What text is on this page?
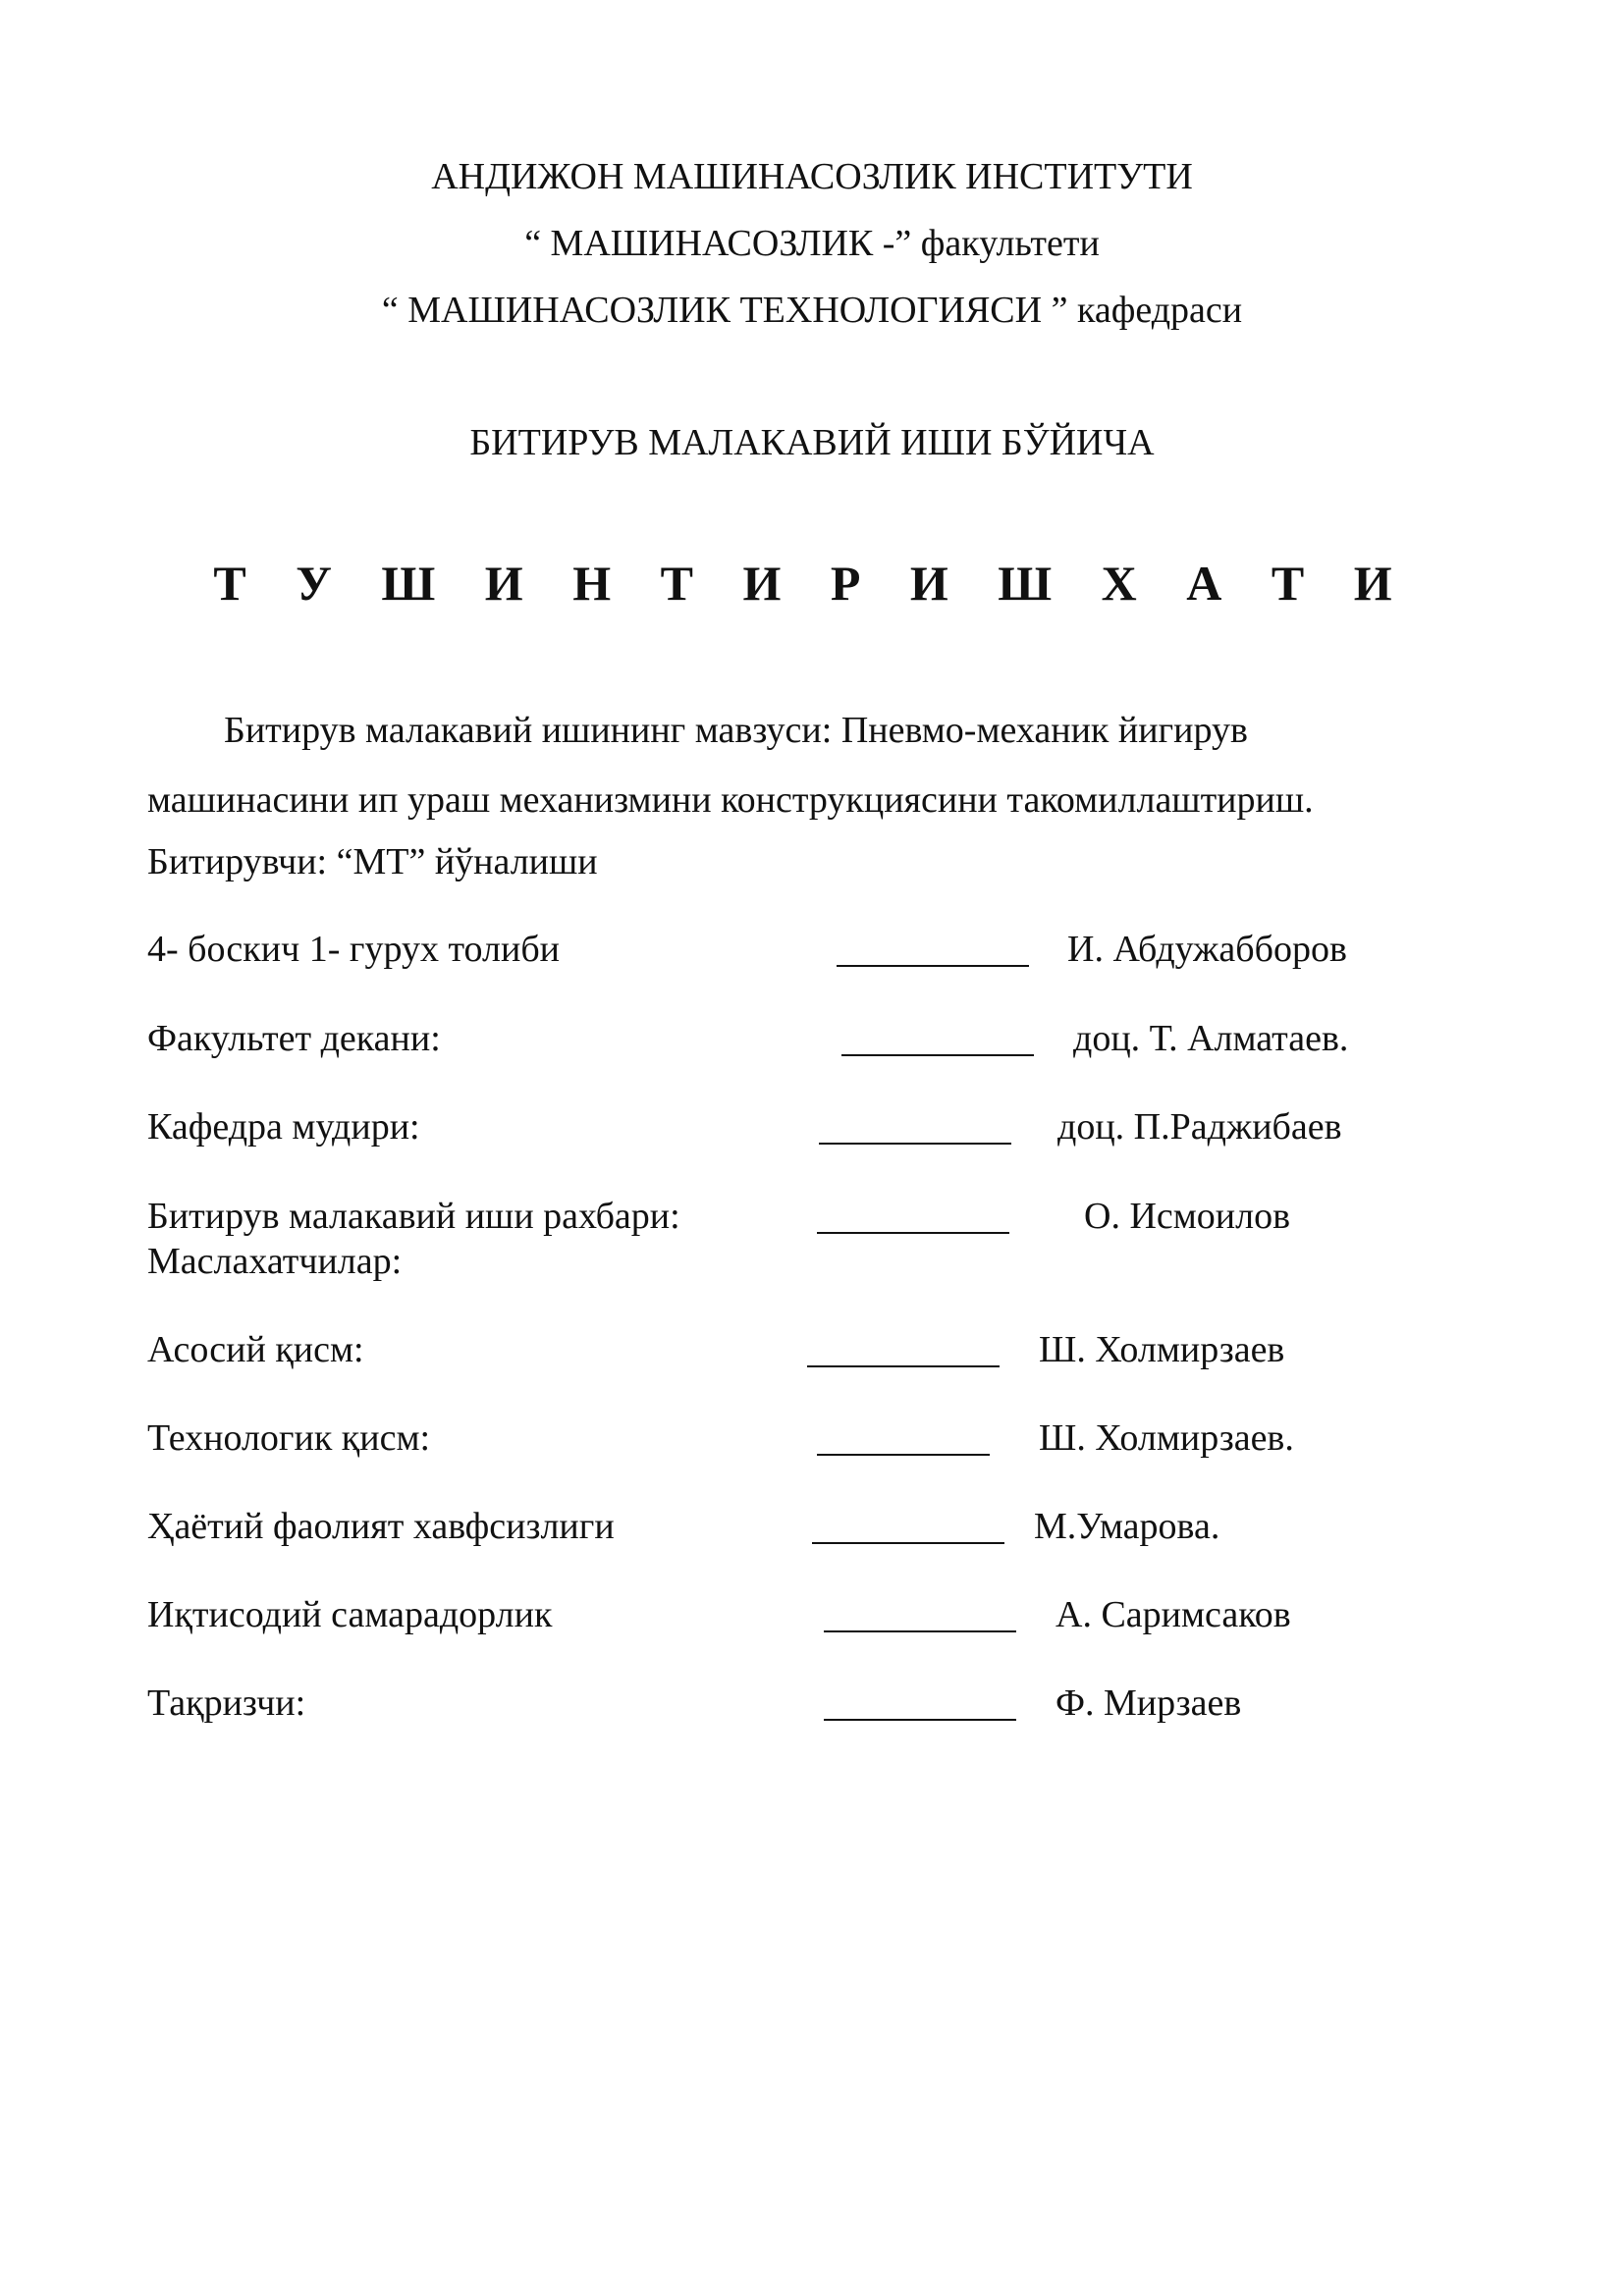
АНДИЖОН МАШИНАСОЗЛИК ИНСТИТУТИ
“ МАШИНАСОЗЛИК -” факультети
“ МАШИНАСОЗЛИК ТЕХНОЛОГИЯСИ ” кафедраси
БИТИРУВ МАЛАКАВИЙ ИШИ БЎЙИЧА
Т У Ш И Н Т И Р И Ш Х А Т И
Битирув малакавий ишининг мавзуси: Пневмо-механик йигирув
машинасини ип ураш механизмини конструкциясини такомиллаштириш.
Битирувчи: “МТ” йўналиши
4- боскич 1- гурух толиби	И. Абдужабборов
Факультет декани:	доц. Т. Алматаев.
Кафедра мудири:	доц. П.Раджибаев
Битирув малакавий иши рахбари:	О. Исмоилов
Маслахатчилар:
Асосий қисм:	Ш. Холмирзаев
Технологик қисм:	Ш. Холмирзаев.
Ҳаётий фаолият хавфсизлиги	М.Умарова.
Иқтисодий самарадорлик	А. Саримсаков
Тақризчи:	Ф. Мирзаев
